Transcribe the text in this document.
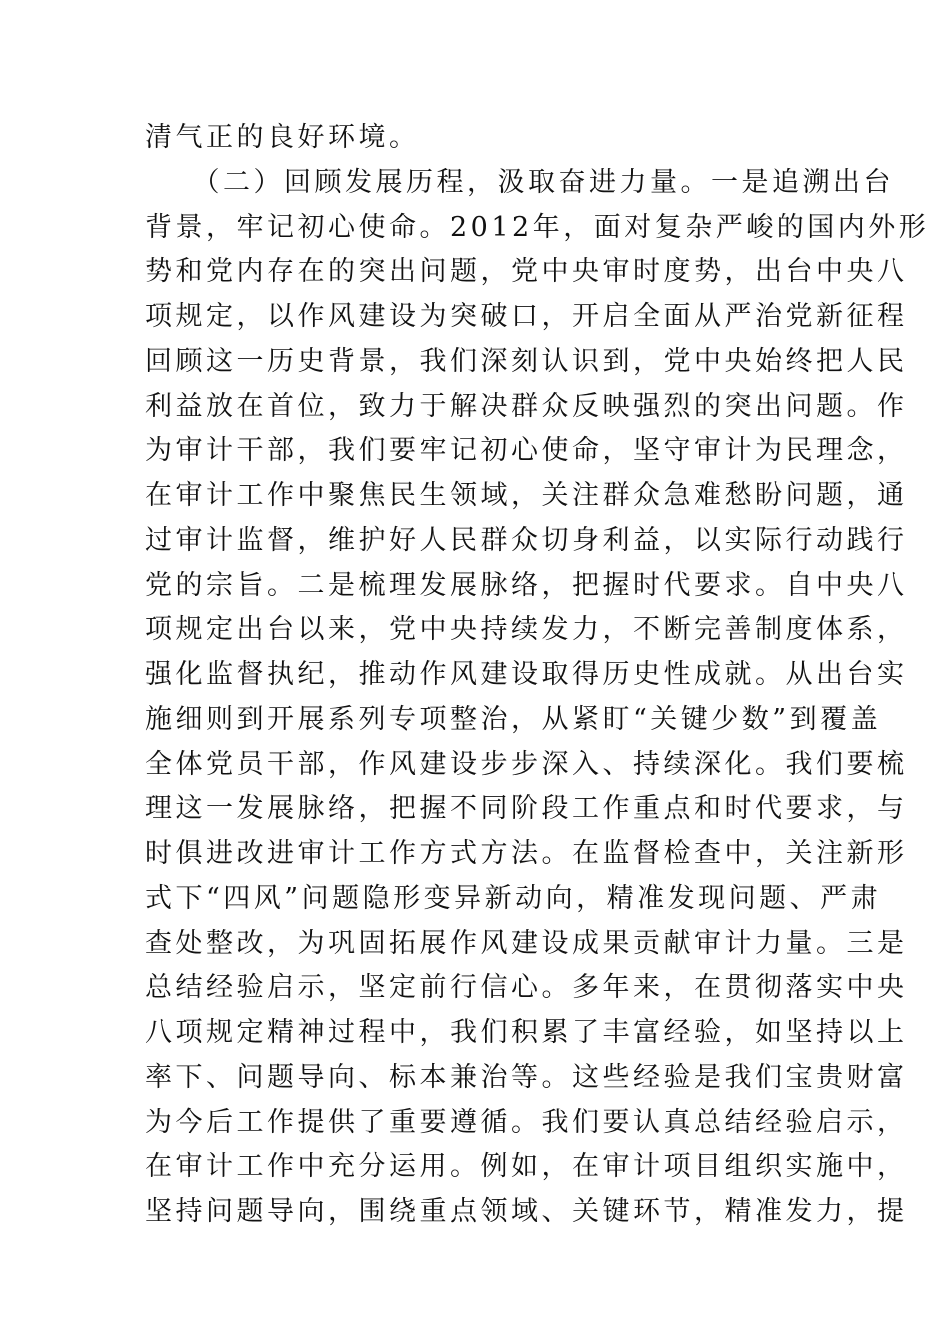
清气正的良好环境。
　　（二）回顾发展历程，汲取奋进力量。一是追溯出台
背景，牢记初心使命。2012年，面对复杂严峻的国内外形
势和党内存在的突出问题，党中央审时度势，出台中央八
项规定，以作风建设为突破口，开启全面从严治党新征程
回顾这一历史背景，我们深刻认识到，党中央始终把人民
利益放在首位，致力于解决群众反映强烈的突出问题。作
为审计干部，我们要牢记初心使命，坚守审计为民理念，
在审计工作中聚焦民生领域，关注群众急难愁盼问题，通
过审计监督，维护好人民群众切身利益，以实际行动践行
党的宗旨。二是梳理发展脉络，把握时代要求。自中央八
项规定出台以来，党中央持续发力，不断完善制度体系，
强化监督执纪，推动作风建设取得历史性成就。从出台实
施细则到开展系列专项整治，从紧盯“关键少数”到覆盖
全体党员干部，作风建设步步深入、持续深化。我们要梳
理这一发展脉络，把握不同阶段工作重点和时代要求，与
时俱进改进审计工作方式方法。在监督检查中，关注新形
式下“四风”问题隐形变异新动向，精准发现问题、严肃
查处整改，为巩固拓展作风建设成果贡献审计力量。三是
总结经验启示，坚定前行信心。多年来，在贯彻落实中央
八项规定精神过程中，我们积累了丰富经验，如坚持以上
率下、问题导向、标本兼治等。这些经验是我们宝贵财富
为今后工作提供了重要遵循。我们要认真总结经验启示，
在审计工作中充分运用。例如，在审计项目组织实施中，
坚持问题导向，围绕重点领域、关键环节，精准发力，提
